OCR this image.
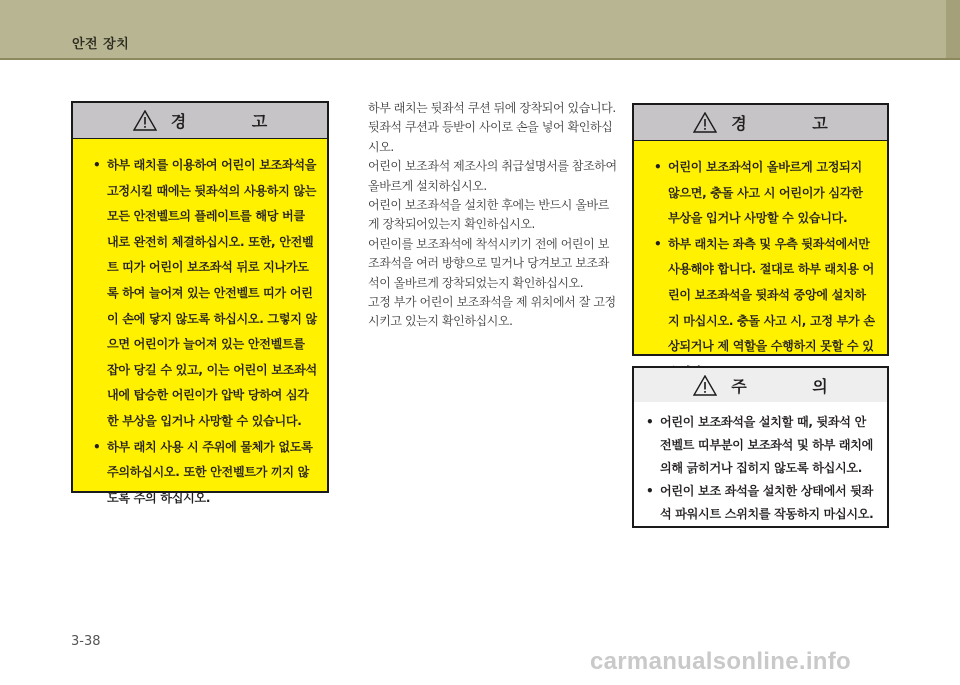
안전 장치
경 고
• 하부 래치를 이용하여 어린이 보조좌석을 고정시킬 때에는 뒷좌석의 사용하지 않는 모든 안전벨트의 플레이트를 해당 버클 내로 완전히 체결하십시오. 또한, 안전벨트 띠가 어린이 보조좌석 뒤로 지나가도록 하여 늘어져 있는 안전벨트 띠가 어린이 손에 닿지 않도록 하십시오. 그렇지 않으면 어린이가 늘어져 있는 안전벨트를 잡아 당길 수 있고, 이는 어린이 보조좌석 내에 탑승한 어린이가 압박 당하여 심각한 부상을 입거나 사망할 수 있습니다.
• 하부 래치 사용 시 주위에 물체가 없도록 주의하십시오. 또한 안전벨트가 끼지 않도록 주의 하십시오.

하부 래치는 뒷좌석 쿠션 뒤에 장착되어 있습니다. 뒷좌석 쿠션과 등받이 사이로 손을 넣어 확인하십시오.

어린이 보조좌석 제조사의 취급설명서를 참조하여 올바르게 설치하십시오.

어린이 보조좌석을 설치한 후에는 반드시 올바르게 장착되어있는지 확인하십시오.

어린이를 보조좌석에 착석시키기 전에 어린이 보조좌석을 여러 방향으로 밀거나 당겨보고 보조좌석이 올바르게 장착되었는지 확인하십시오.

고정 부가 어린이 보조좌석을 제 위치에서 잘 고정시키고 있는지 확인하십시오.

경 고
• 어린이 보조좌석이 올바르게 고정되지 않으면, 충돌 사고 시 어린이가 심각한 부상을 입거나 사망할 수 있습니다.
• 하부 래치는 좌측 및 우측 뒷좌석에서만 사용해야 합니다. 절대로 하부 래치용 어린이 보조좌석을 뒷좌석 중앙에 설치하지 마십시오. 충돌 사고 시, 고정 부가 손상되거나 제 역할을 수행하지 못할 수 있
주 의
• 어린이 보조좌석을 설치할 때, 뒷좌석 안전벨트 띠부분이 보조좌석 및 하부 래치에 의해 긁히거나 집히지 않도록 하십시오.
• 어린이 보조 좌석을 설치한 상태에서 뒷좌석 파워시트 스위치를 작동하지 마십시오.
3-38
carmanualsonline.info
